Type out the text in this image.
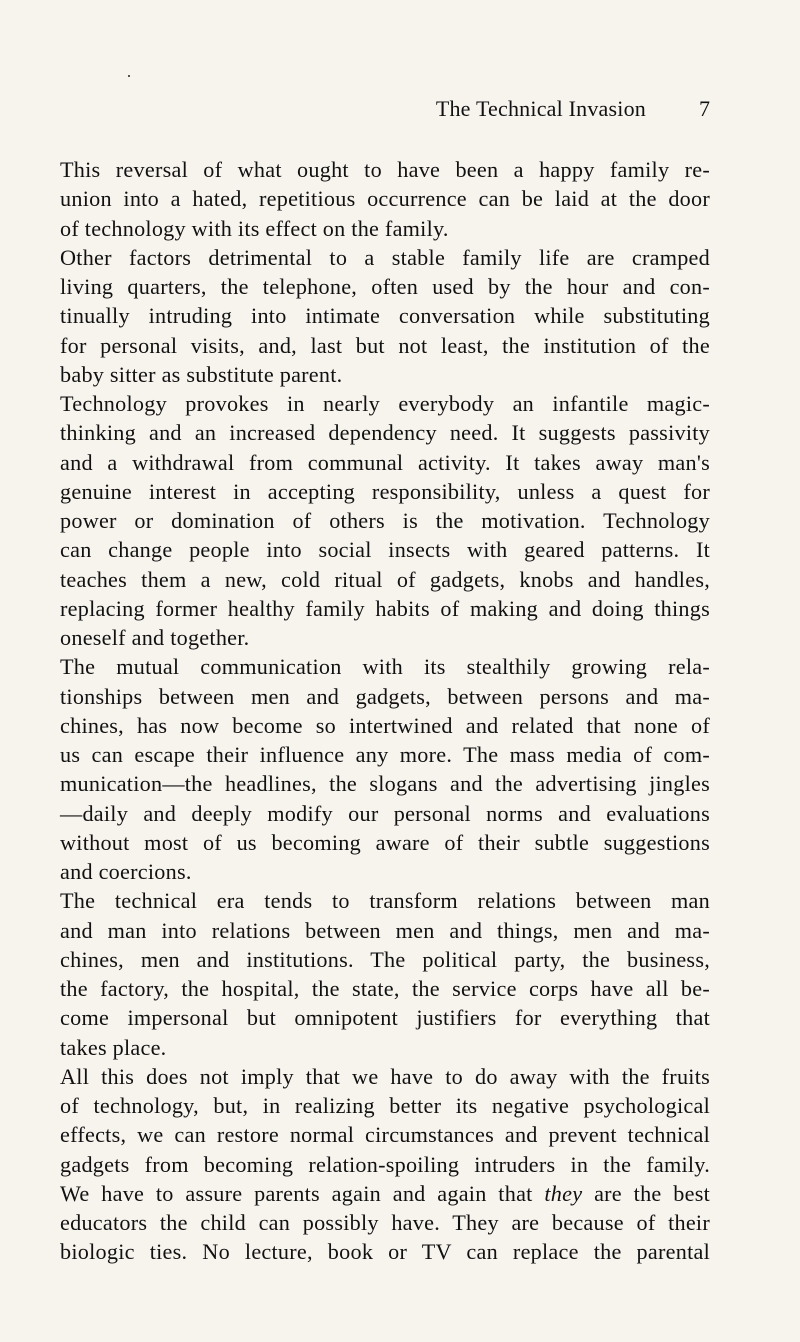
The Technical Invasion 7
This reversal of what ought to have been a happy family re-
union into a hated, repetitious occurrence can be laid at the door
of technology with its effect on the family.
Other factors detrimental to a stable family life are cramped
living quarters, the telephone, often used by the hour and con-
tinually intruding into intimate conversation while substituting
for personal visits, and, last but not least, the institution of the
baby sitter as substitute parent.
Technology provokes in nearly everybody an infantile magic-
thinking and an increased dependency need. It suggests passivity
and a withdrawal from communal activity. It takes away man's
genuine interest in accepting responsibility, unless a quest for
power or domination of others is the motivation. Technology
can change people into social insects with geared patterns. It
teaches them a new, cold ritual of gadgets, knobs and handles,
replacing former healthy family habits of making and doing things
oneself and together.
The mutual communication with its stealthily growing rela-
tionships between men and gadgets, between persons and ma-
chines, has now become so intertwined and related that none of
us can escape their influence any more. The mass media of com-
munication—the headlines, the slogans and the advertising jingles
—daily and deeply modify our personal norms and evaluations
without most of us becoming aware of their subtle suggestions
and coercions.
The technical era tends to transform relations between man
and man into relations between men and things, men and ma-
chines, men and institutions. The political party, the business,
the factory, the hospital, the state, the service corps have all be-
come impersonal but omnipotent justifiers for everything that
takes place.
All this does not imply that we have to do away with the fruits
of technology, but, in realizing better its negative psychological
effects, we can restore normal circumstances and prevent technical
gadgets from becoming relation-spoiling intruders in the family.
We have to assure parents again and again that they are the best
educators the child can possibly have. They are because of their
biologic ties. No lecture, book or TV can replace the parental
